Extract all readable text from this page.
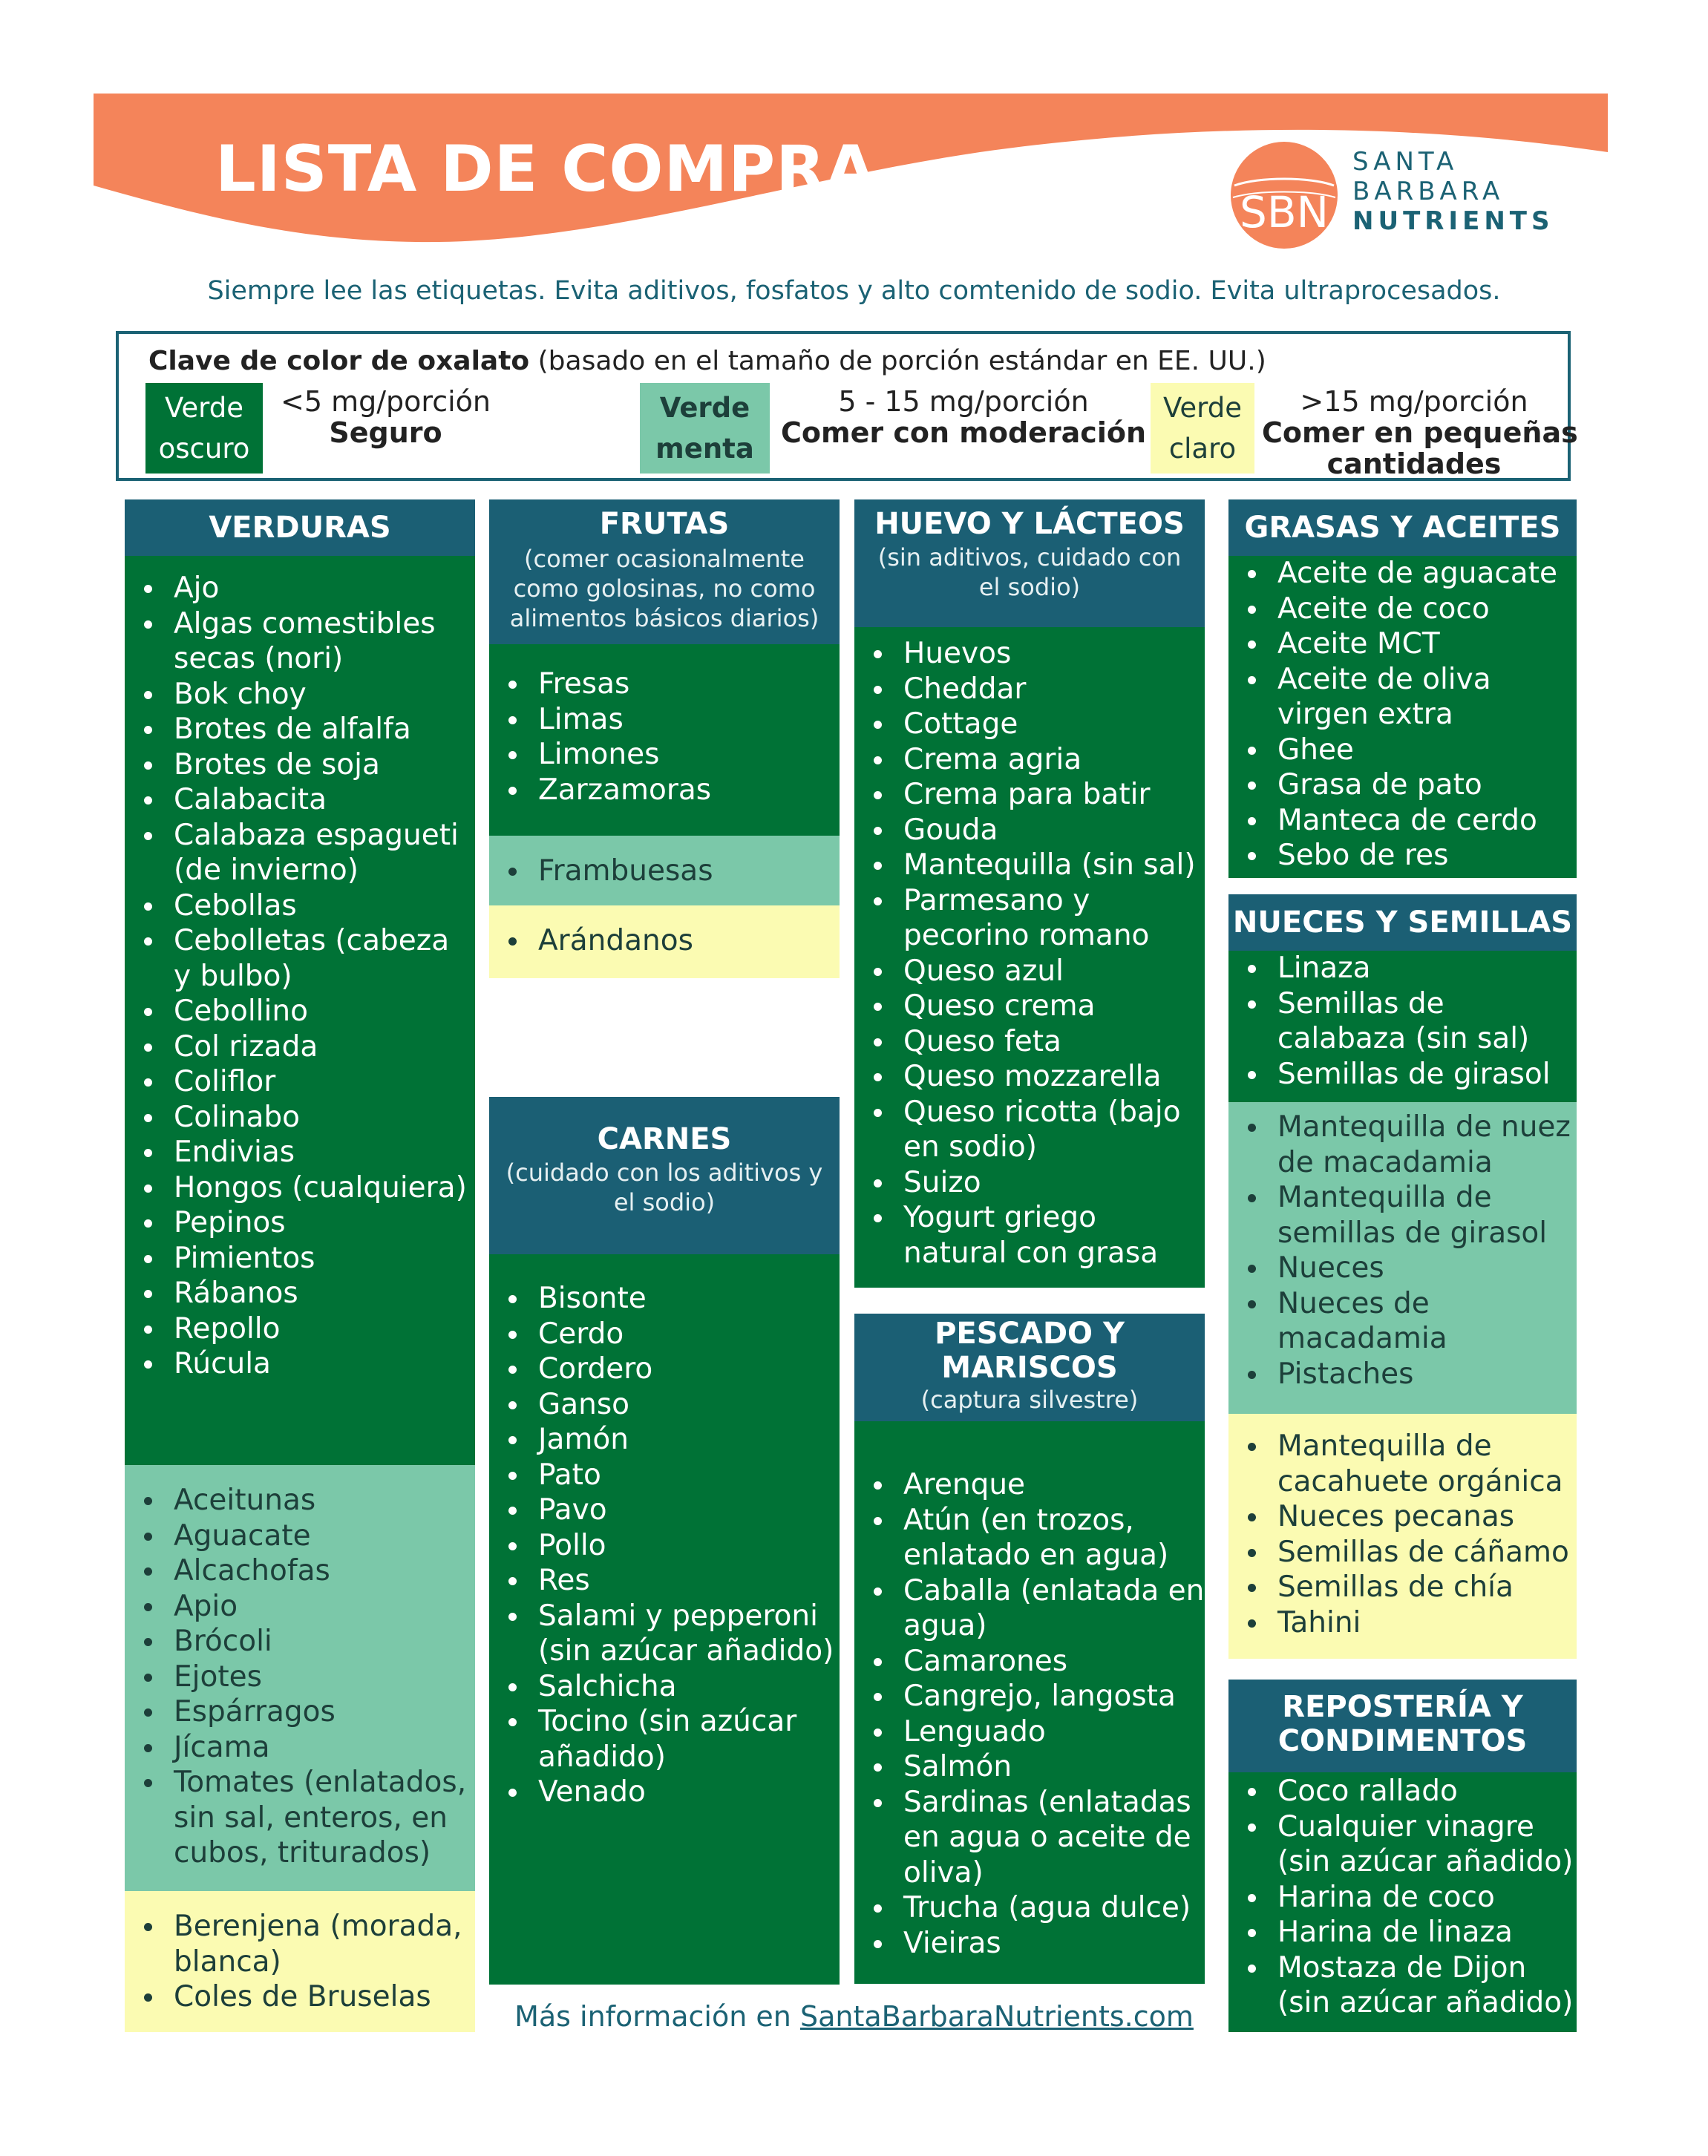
LISTA DE COMPRA
SBN
SANTA
BARBARA
NUTRIENTS
Siempre lee las etiquetas. Evita aditivos, fosfatos y alto comtenido de sodio. Evita ultraprocesados.
Clave de color de oxalato (basado en el tamaño de porción estándar en EE. UU.)
Verde
oscuro
<5 mg/porción
Seguro
Verde
menta
5 - 15 mg/porción
Comer con moderación
Verde
claro
>15 mg/porción
Comer en pequeñas
cantidades
VERDURAS
Ajo
Algas comestibles secas (nori)
Bok choy
Brotes de alfalfa
Brotes de soja
Calabacita
Calabaza espagueti (de invierno)
Cebollas
Cebolletas (cabeza y bulbo)
Cebollino
Col rizada
Coliflor
Colinabo
Endivias
Hongos (cualquiera)
Pepinos
Pimientos
Rábanos
Repollo
Rúcula
Aceitunas
Aguacate
Alcachofas
Apio
Brócoli
Ejotes
Espárragos
Jícama
Tomates (enlatados, sin sal, enteros, en cubos, triturados)
Berenjena (morada, blanca)
Coles de Bruselas
FRUTAS
(comer ocasionalmente como golosinas, no como alimentos básicos diarios)
Fresas
Limas
Limones
Zarzamoras
Frambuesas
Arándanos
CARNES
(cuidado con los aditivos y el sodio)
Bisonte
Cerdo
Cordero
Ganso
Jamón
Pato
Pavo
Pollo
Res
Salami y pepperoni (sin azúcar añadido)
Salchicha
Tocino (sin azúcar añadido)
Venado
HUEVO Y LÁCTEOS
(sin aditivos, cuidado con el sodio)
Huevos
Cheddar
Cottage
Crema agria
Crema para batir
Gouda
Mantequilla (sin sal)
Parmesano y pecorino romano
Queso azul
Queso crema
Queso feta
Queso mozzarella
Queso ricotta (bajo en sodio)
Suizo
Yogurt griego natural con grasa
PESCADO Y MARISCOS
(captura silvestre)
Arenque
Atún (en trozos, enlatado en agua)
Caballa (enlatada en agua)
Camarones
Cangrejo, langosta
Lenguado
Salmón
Sardinas (enlatadas en agua o aceite de oliva)
Trucha (agua dulce)
Vieiras
GRASAS Y ACEITES
Aceite de aguacate
Aceite de coco
Aceite MCT
Aceite de oliva virgen extra
Ghee
Grasa de pato
Manteca de cerdo
Sebo de res
NUECES Y SEMILLAS
Linaza
Semillas de calabaza (sin sal)
Semillas de girasol
Mantequilla de nuez de macadamia
Mantequilla de semillas de girasol
Nueces
Nueces de macadamia
Pistaches
Mantequilla de cacahuete orgánica
Nueces pecanas
Semillas de cáñamo
Semillas de chía
Tahini
REPOSTERÍA Y CONDIMENTOS
Coco rallado
Cualquier vinagre (sin azúcar añadido)
Harina de coco
Harina de linaza
Mostaza de Dijon (sin azúcar añadido)
Más información en SantaBarbaraNutrients.com
